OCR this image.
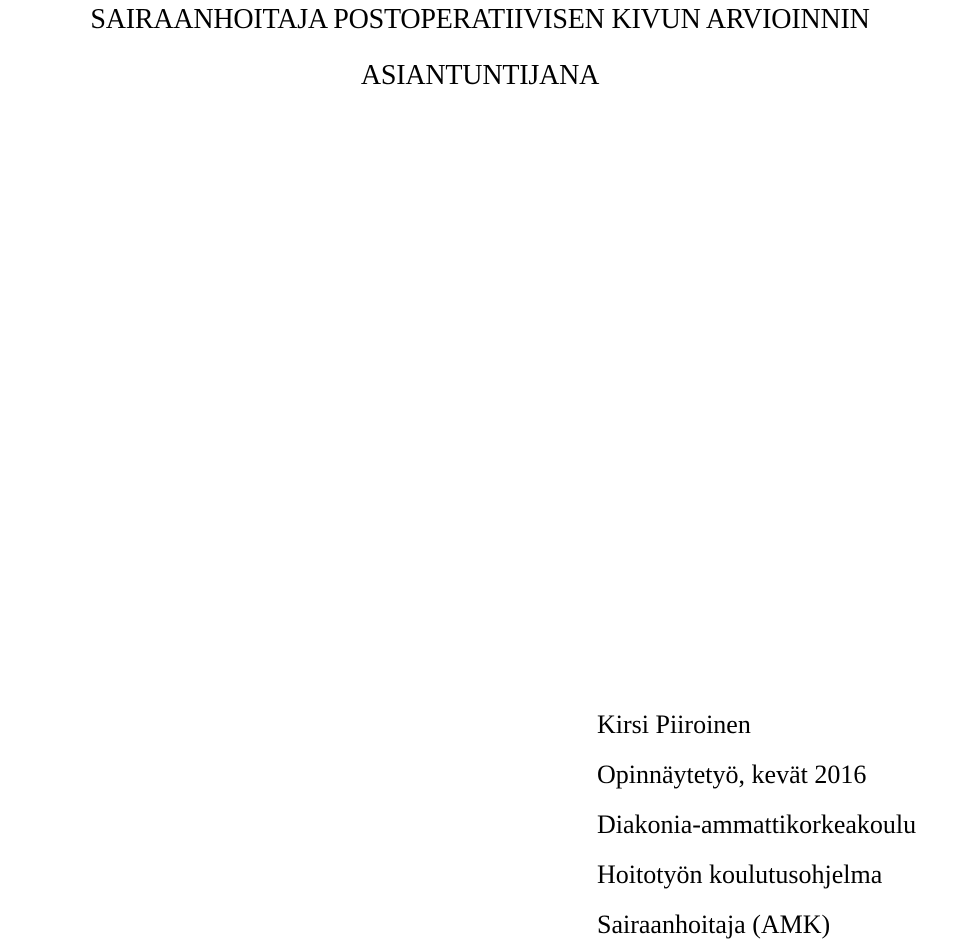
SAIRAANHOITAJA POSTOPERATIIVISEN KIVUN ARVIOINNIN
ASIANTUNTIJANA
Kirsi Piiroinen
Opinnäytetyö, kevät 2016
Diakonia-ammattikorkeakoulu
Hoitotyön koulutusohjelma
Sairaanhoitaja (AMK)
